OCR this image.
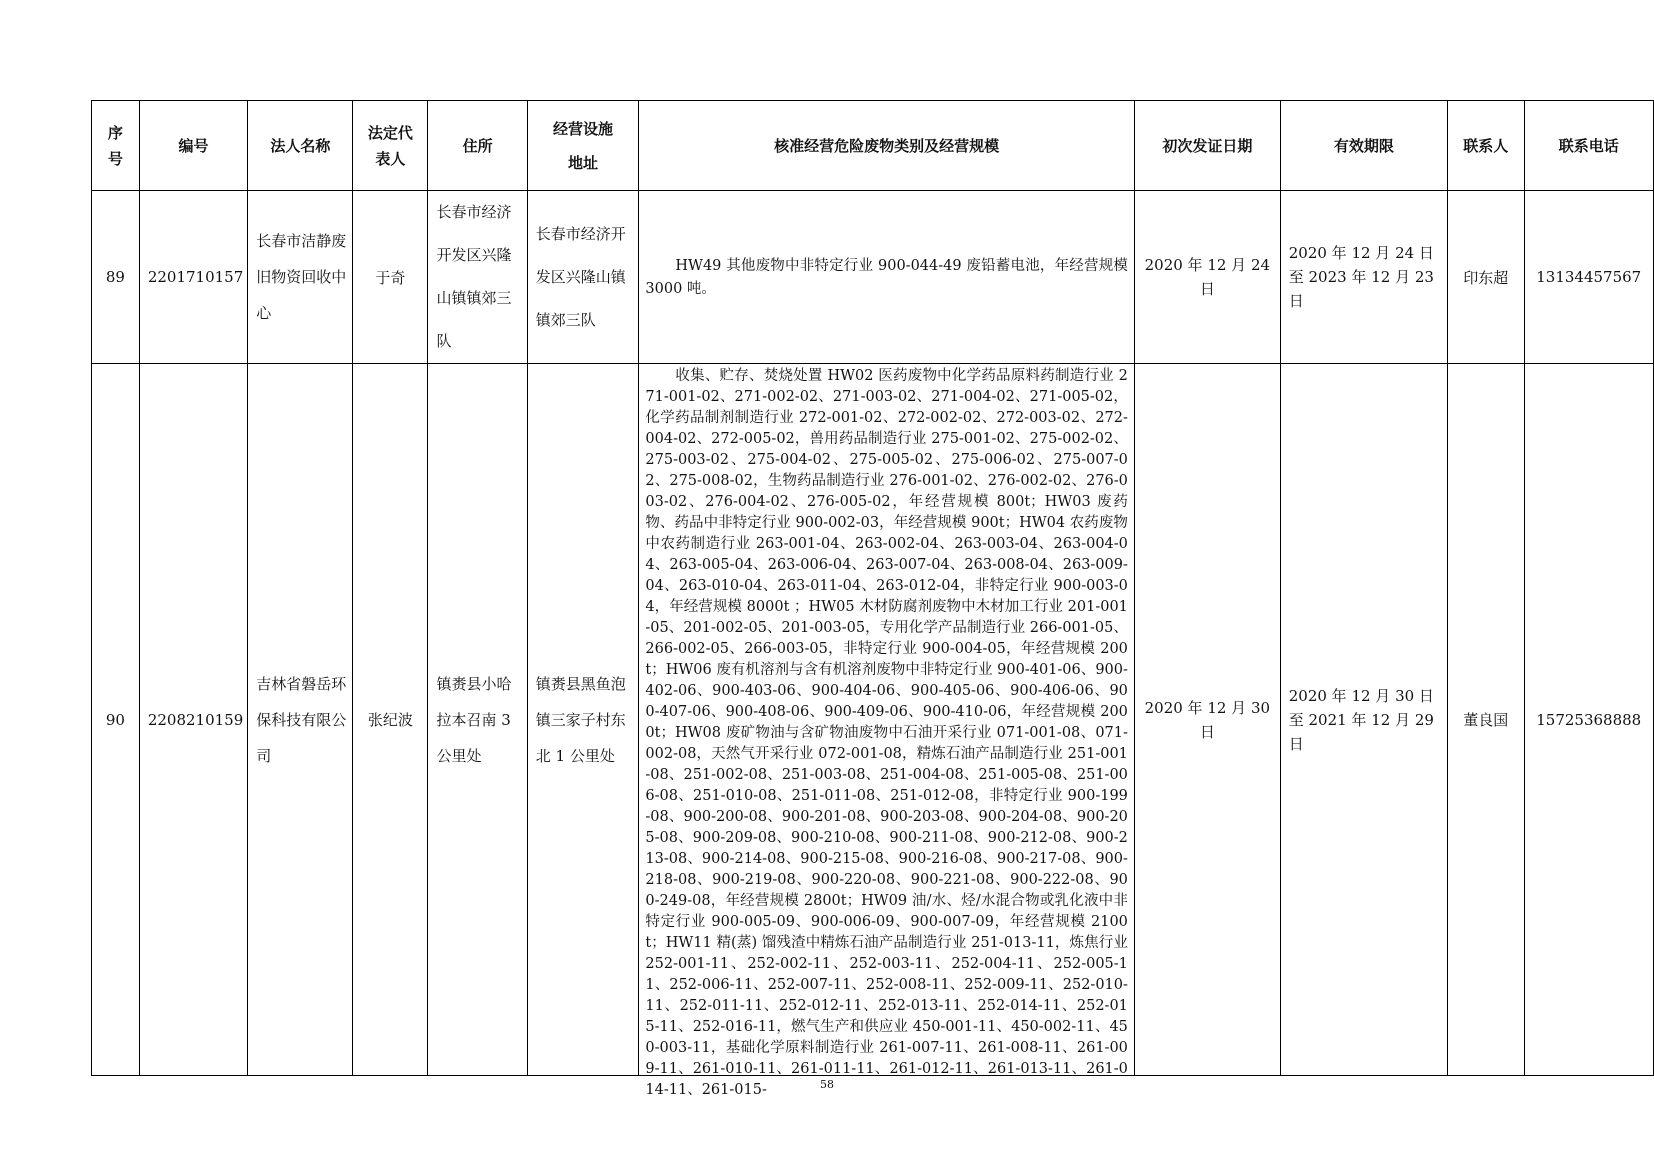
序号	编号	法人名称	法定代表人	住所	经营设施地址	核准经营危险废物类别及经营规模	初次发证日期	有效期限	联系人	联系电话
89	2201710157	长春市洁静废旧物资回收中心	于奇	长春市经济开发区兴隆山镇镇郊三队	长春市经济开发区兴隆山镇镇郊三队	HW49 其他废物中非特定行业 900-044-49 废铅蓄电池，年经营规模 3000 吨。	2020 年 12 月 24 日	2020 年 12 月 24 日至 2023 年 12 月 23 日	印东超	13134457567
90	2208210159	吉林省磐岳环保科技有限公司	张纪波	镇赉县小哈拉本召南 3 公里处	镇赉县黑鱼泡镇三家子村东北 1 公里处	收集、贮存、焚烧处置 HW02 医药废物中化学药品原料药制造行业 271-001-02、271-002-02、271-003-02、271-004-02、271-005-02，化学药品制剂制造行业 272-001-02、272-002-02、272-003-02、272-004-02、272-005-02，兽用药品制造行业 275-001-02、275-002-02、275-003-02、275-004-02、275-005-02、275-006-02、275-007-02、275-008-02，生物药品制造行业 276-001-02、276-002-02、276-003-02、276-004-02、276-005-02，年经营规模 800t；HW03 废药物、药品中非特定行业 900-002-03，年经营规模 900t；HW04 农药废物中农药制造行业 263-001-04、263-002-04、263-003-04、263-004-04、263-005-04、263-006-04、263-007-04、263-008-04、263-009-04、263-010-04、263-011-04、263-012-04，非特定行业 900-003-04，年经营规模 8000t ；HW05 木材防腐剂废物中木材加工行业 201-001-05、201-002-05、201-003-05，专用化学产品制造行业 266-001-05、266-002-05、266-003-05，非特定行业 900-004-05，年经营规模 200t；HW06 废有机溶剂与含有机溶剂废物中非特定行业 900-401-06、900-402-06、900-403-06、900-404-06、900-405-06、900-406-06、900-407-06、900-408-06、900-409-06、900-410-06，年经营规模 2000t；HW08 废矿物油与含矿物油废物中石油开采行业 071-001-08、071-002-08，天然气开采行业 072-001-08，精炼石油产品制造行业 251-001-08、251-002-08、251-003-08、251-004-08、251-005-08、251-006-08、251-010-08、251-011-08、251-012-08，非特定行业 900-199-08、900-200-08、900-201-08、900-203-08、900-204-08、900-205-08、900-209-08、900-210-08、900-211-08、900-212-08、900-213-08、900-214-08、900-215-08、900-216-08、900-217-08、900-218-08、900-219-08、900-220-08、900-221-08、900-222-08、900-249-08，年经营规模 2800t；HW09 油/水、烃/水混合物或乳化液中非特定行业 900-005-09、900-006-09、900-007-09，年经营规模 2100t；HW11 精(蒸) 馏残渣中精炼石油产品制造行业 251-013-11，炼焦行业 252-001-11、252-002-11、252-003-11、252-004-11、252-005-11、252-006-11、252-007-11、252-008-11、252-009-11、252-010-11、252-011-11、252-012-11、252-013-11、252-014-11、252-015-11、252-016-11，燃气生产和供应业 450-001-11、450-002-11、450-003-11，基础化学原料制造行业 261-007-11、261-008-11、261-009-11、261-010-11、261-011-11、261-012-11、261-013-11、261-014-11、261-015-	2020 年 12 月 30 日	2020 年 12 月 30 日至 2021 年 12 月 29 日	董良国	15725368888
58
